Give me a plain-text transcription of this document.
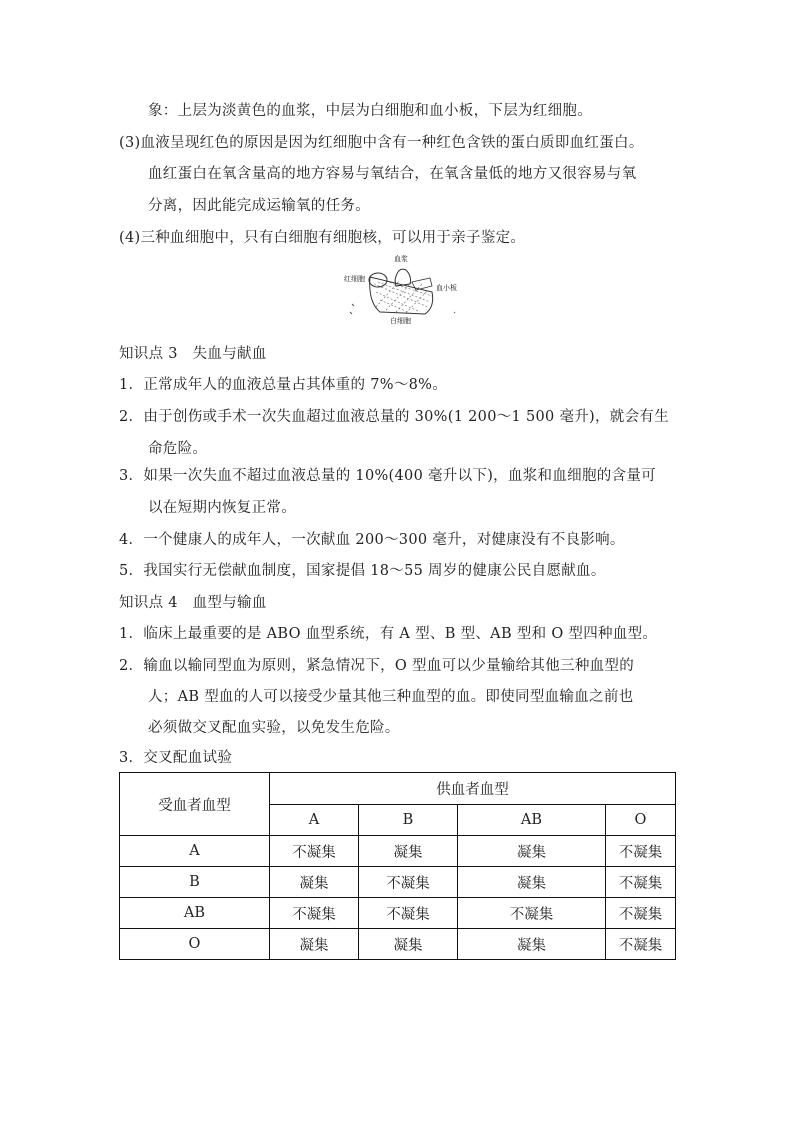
象：上层为淡黄色的血浆，中层为白细胞和血小板，下层为红细胞。
(3)血液呈现红色的原因是因为红细胞中含有一种红色含铁的蛋白质即血红蛋白。
血红蛋白在氧含量高的地方容易与氧结合，在氧含量低的地方又很容易与氧
分离，因此能完成运输氧的任务。
(4)三种血细胞中，只有白细胞有细胞核，可以用于亲子鉴定。
血浆
红细胞
血小板
白细胞
知识点 3　失血与献血
1．正常成年人的血液总量占其体重的 7%～8%。
2．由于创伤或手术一次失血超过血液总量的 30%(1 200～1 500 毫升)，就会有生
命危险。
3．如果一次失血不超过血液总量的 10%(400 毫升以下)，血浆和血细胞的含量可
以在短期内恢复正常。
4．一个健康人的成年人，一次献血 200～300 毫升，对健康没有不良影响。
5．我国实行无偿献血制度，国家提倡 18～55 周岁的健康公民自愿献血。
知识点 4　血型与输血
1．临床上最重要的是 ABO 血型系统，有 A 型、B 型、AB 型和 O 型四种血型。
2．输血以输同型血为原则，紧急情况下，O 型血可以少量输给其他三种血型的
人；AB 型血的人可以接受少量其他三种血型的血。即使同型血输血之前也
必须做交叉配血实验，以免发生危险。
3．交叉配血试验
受血者血型	供血者血型			
	A	B	AB	O
A	不凝集	凝集	凝集	不凝集
B	凝集	不凝集	凝集	不凝集
AB	不凝集	不凝集	不凝集	不凝集
O	凝集	凝集	凝集	不凝集
